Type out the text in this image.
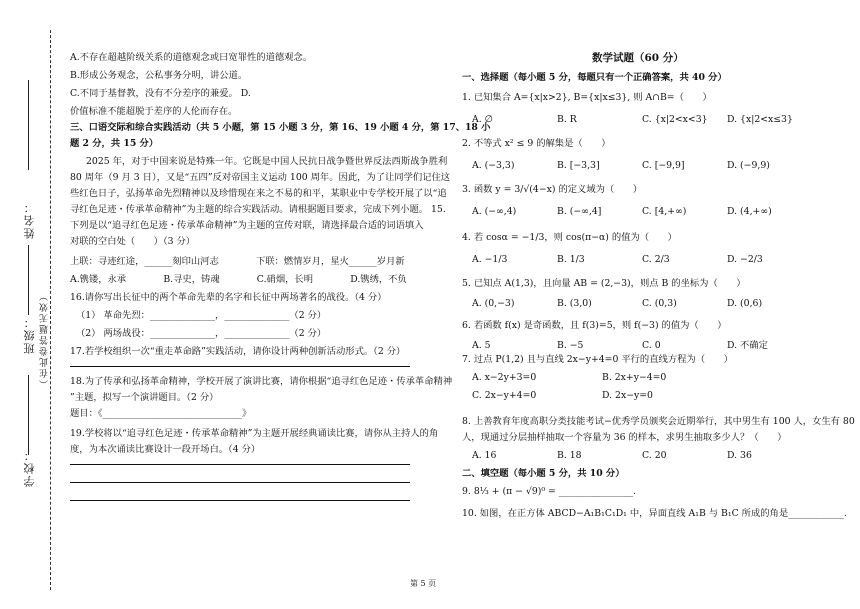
姓名：
班级： （在此卷答题无效）
学校：
A.不存在超越阶级关系的道德观念或曰宽罪性的道德观念。
B.形成公务观念，公私事务分明，讲公道。
C.不同于基督教，没有不分差序的兼爱。 D.
价值标准不能超脱于差序的人伦而存在。
三、口语交际和综合实践活动（共 5 小题，第 15 小题 3 分，第 16、19 小题 4 分，第 17、18 小
题 2 分，共 15 分）
2025 年，对于中国来说是特殊一年。它既是中国人民抗日战争暨世界反法西斯战争胜利
80 周年（9 月 3 日），又是“五四”反对帝国主义运动 100 周年。因此，为了让同学们记住这
些红色日子，弘扬革命先烈精神以及珍惜现在来之不易的和平，某职业中专学校开展了以“追
寻红色足迹・传承革命精神”为主题的综合实践活动。请根据题目要求，完成下列小题。 15.
下列是以“追寻红色足迹・传承革命精神”为主题的宣传对联，请选择最合适的词语填入
对联的空白处（　　）（3 分）
上联：寻迹红途，______刻印山河志　　　　下联：燃情岁月，星火______岁月新
A.镌镂，永承　　　　B.寻史，铸魂　　　　C.硝烟，长明　　　　D.镌绣，不负
16.请你写出长征中的两个革命先辈的名字和长征中两场著名的战役。（4 分）
（1） 革命先烈：______________，______________（2 分）
（2） 两场战役：______________，______________（2 分）
17.若学校组织一次“重走革命路”实践活动，请你设计两种创新活动形式。（2 分）
18.为了传承和弘扬革命精神，学校开展了演讲比赛，请你根据“追寻红色足迹・传承革命精神
”主题，拟写一个演讲题目。（2 分）
题目：《______________________________》
19.学校将以“追寻红色足迹・传承革命精神”为主题开展经典诵读比赛，请你从主持人的角
度，为本次诵读比赛设计一段开场白。（4 分）
数学试题（60 分）
一、选择题（每小题 5 分，每题只有一个正确答案，共 40 分）
1. 已知集合 A={x|x>2}, B={x|x≤3}, 则 A∩B=（　　）
A. ∅	B. R	C. {x|2<x<3} D. {x|2<x≤3}
2. 不等式 x² ≤ 9 的解集是（　　）
A. (−3,3)	B. [−3,3]	C. [−9,9]	D. (−9,9)
3. 函数 y = 3/√(4−x) 的定义域为（　　）
A. (−∞,4)	B. (−∞,4]	C. [4,+∞)	D. (4,+∞)
4. 若 cosα = −1/3，则 cos(π−α) 的值为（　　）
A. −1/3	B. 1/3	C. 2/3	D. −2/3
5. 已知点 A(1,3)，且向量 AB = (2,−3)，则点 B 的坐标为（　　）
A. (0,−3)	B. (3,0)	C. (0,3)	D. (0,6)
6. 若函数 f(x) 是奇函数，且 f(3)=5，则 f(−3) 的值为（　　）
A. 5	B. −5	C. 0	D. 不确定
7. 过点 P(1,2) 且与直线 2x−y+4=0 平行的直线方程为（　　）
A. x−2y+3=0	B. 2x+y−4=0
C. 2x−y+4=0	D. 2x−y=0
8. 上善教育年度高职分类技能考试−优秀学员颁奖会近期举行，其中男生有 100 人，女生有 80
人，现通过分层抽样抽取一个容量为 36 的样本，求男生抽取多少人？（　　）
A. 16	B. 18	C. 20	D. 36
二、填空题（每小题 5 分，共 10 分）
9. 8⅓ + (π − √9)⁰ = ________________.
10. 如图，在正方体 ABCD−A₁B₁C₁D₁ 中，异面直线 A₁B 与 B₁C 所成的角是____________.
第 5 页
